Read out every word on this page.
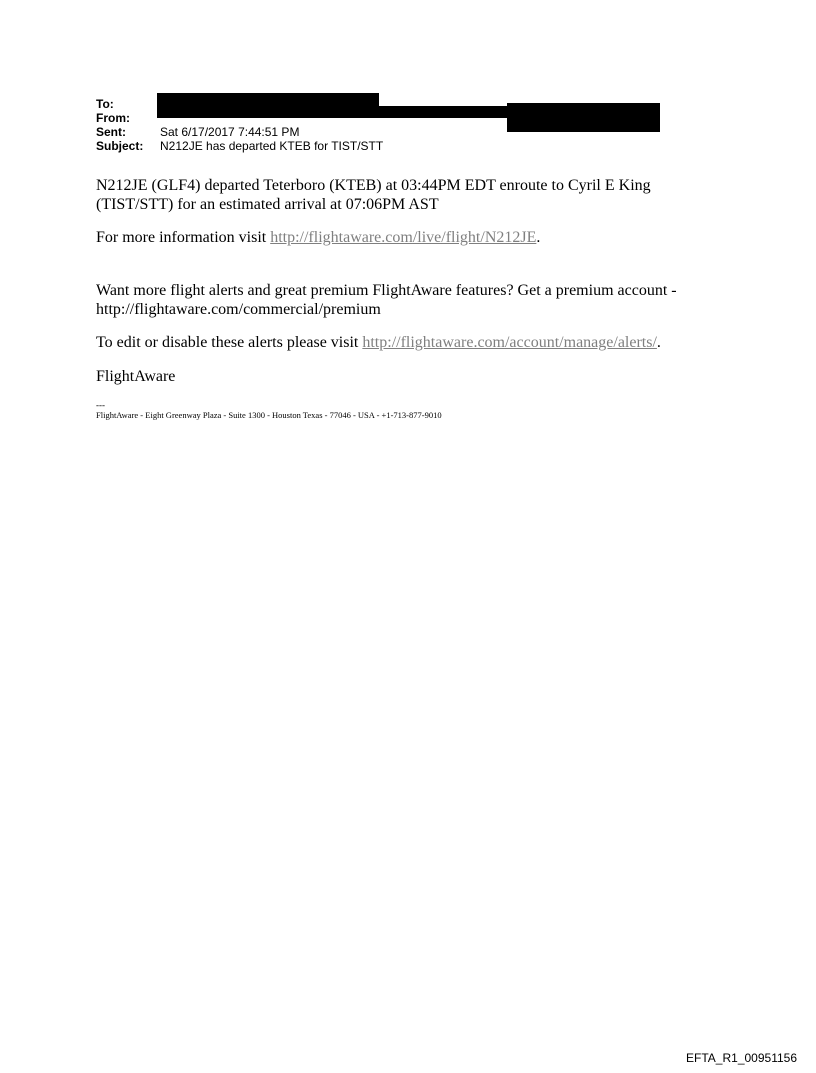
To:
From:
Sent:	Sat 6/17/2017 7:44:51 PM
Subject: N212JE has departed KTEB for TIST/STT
N212JE (GLF4) departed Teterboro (KTEB) at 03:44PM EDT enroute to Cyril E King (TIST/STT) for an estimated arrival at 07:06PM AST
For more information visit http://flightaware.com/live/flight/N212JE.
Want more flight alerts and great premium FlightAware features? Get a premium account - http://flightaware.com/commercial/premium
To edit or disable these alerts please visit http://flightaware.com/account/manage/alerts/.
FlightAware
---
FlightAware - Eight Greenway Plaza - Suite 1300 - Houston Texas - 77046 - USA - +1-713-877-9010
EFTA_R1_00951156
